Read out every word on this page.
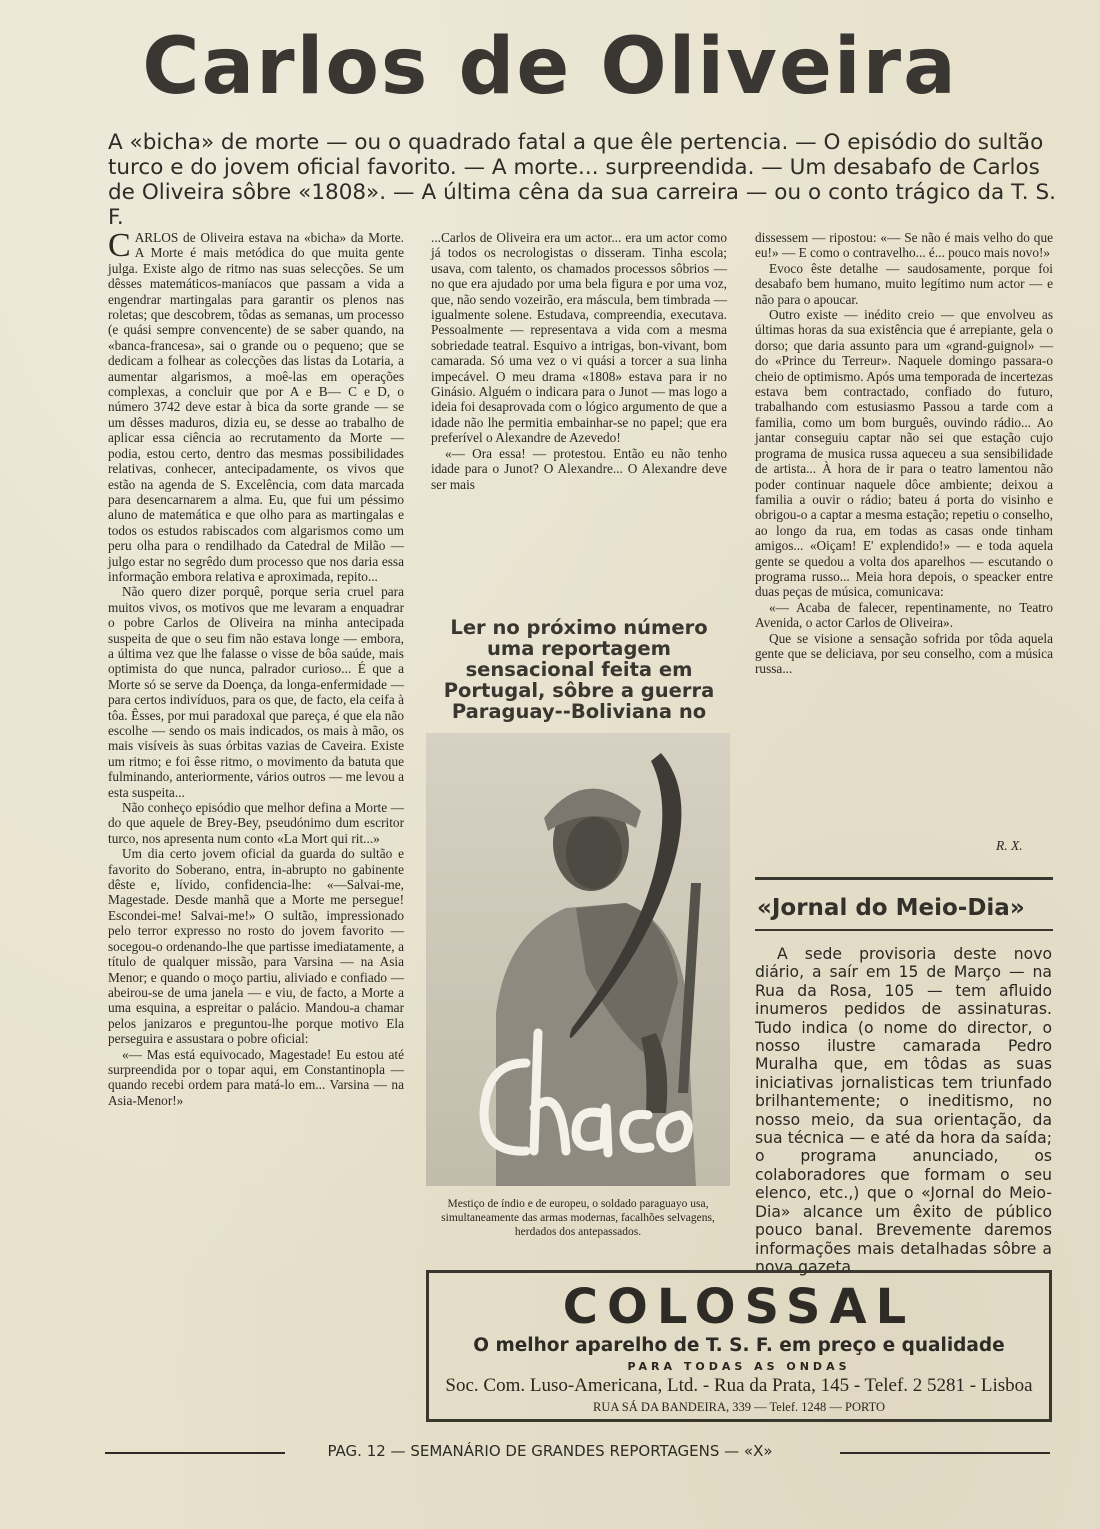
Carlos de Oliveira
A «bicha» de morte — ou o quadrado fatal a que êle pertencia. — O episódio do sultão
turco e do jovem oficial favorito. — A morte... surpreendida. — Um desabafo de Carlos
de Oliveira sôbre «1808». — A última cêna da sua carreira — ou o conto trágico da T. S. F.

CARLOS de Oliveira estava na «bicha» da Morte. A Morte é mais metódica do que muita gente julga. Existe algo de ritmo nas suas selecções. Se um dêsses matemáticos-maníacos que passam a vida a engendrar martingalas para garantir os plenos nas roletas; que descobrem, tôdas as semanas, um processo (e quási sempre convencente) de se saber quando, na «banca-francesa», sai o grande ou o pequeno; que se dedicam a folhear as colecções das listas da Lotaria, a aumentar algarismos, a moê-las em operações complexas, a concluir que por A e B— C e D, o número 3742 deve estar à bica da sorte grande — se um dêsses maduros, dizia eu, se desse ao trabalho de aplicar essa ciência ao recrutamento da Morte — podia, estou certo, dentro das mesmas possibilidades relativas, conhecer, antecipadamente, os vivos que estão na agenda de S. Excelência, com data marcada para desencarnarem a alma. Eu, que fui um péssimo aluno de matemática e que olho para as martingalas e todos os estudos rabiscados com algarismos como um peru olha para o rendilhado da Catedral de Milão — julgo estar no segrêdo dum processo que nos daria essa informação embora relativa e aproximada, repito...

Não quero dizer porquê, porque seria cruel para muitos vivos, os motivos que me levaram a enquadrar o pobre Carlos de Oliveira na minha antecipada suspeita de que o seu fim não estava longe — embora, a última vez que lhe falasse o visse de bôa saúde, mais optimista do que nunca, palrador curioso... É que a Morte só se serve da Doença, da longa-enfermidade — para certos indivíduos, para os que, de facto, ela ceifa à tôa. Êsses, por mui paradoxal que pareça, é que ela não escolhe — sendo os mais indicados, os mais à mão, os mais visíveis às suas órbitas vazias de Caveira. Existe um ritmo; e foi êsse ritmo, o movimento da batuta que fulminando, anteriormente, vários outros — me levou a esta suspeita...

Não conheço episódio que melhor defina a Morte — do que aquele de Brey-Bey, pseudónimo dum escritor turco, nos apresenta num conto «La Mort qui rit...»

Um dia certo jovem oficial da guarda do sultão e favorito do Soberano, entra, in-abrupto no gabinente dêste e, lívido, confidencia-lhe: «—Salvai-me, Magestade. Desde manhã que a Morte me persegue! Escondei-me! Salvai-me!» O sultão, impressionado pelo terror expresso no rosto do jovem favorito — socegou-o ordenando-lhe que partisse imediatamente, a título de qualquer missão, para Varsina — na Asia Menor; e quando o moço partiu, aliviado e confiado — abeirou-se de uma janela — e viu, de facto, a Morte a uma esquina, a espreitar o palácio. Mandou-a chamar pelos janizaros e preguntou-lhe porque motivo Ela perseguira e assustara o pobre oficial:

«— Mas está equivocado, Magestade! Eu estou até surpreendida por o topar aqui, em Constantinopla — quando recebi ordem para matá-lo em... Varsina — na Asia-Menor!»

...Carlos de Oliveira era um actor... era um actor como já todos os necrologistas o disseram. Tinha escola; usava, com talento, os chamados processos sôbrios — no que era ajudado por uma bela figura e por uma voz, que, não sendo vozeirão, era máscula, bem timbrada — igualmente solene. Estudava, compreendia, executava. Pessoalmente — representava a vida com a mesma sobriedade teatral. Esquivo a intrigas, bon-vivant, bom camarada. Só uma vez o vi quási a torcer a sua linha impecável. O meu drama «1808» estava para ir no Ginásio. Alguém o indicara para o Junot — mas logo a ideia foi desaprovada com o lógico argumento de que a idade não lhe permitia embainhar-se no papel; que era preferível o Alexandre de Azevedo!

«— Ora essa! — protestou. Então eu não tenho idade para o Junot? O Alexandre... O Alexandre deve ser mais

Ler no próximo número uma reportagem sensacional feita em Portugal, sôbre a guerra Paraguay--Boliviana no
Mestiço de índio e de europeu, o soldado paraguayo usa, simultaneamente das armas modernas, facalhões selvagens, herdados dos antepassados.

dissessem — ripostou: «— Se não é mais velho do que eu!» — E como o contravelho... é... pouco mais novo!»

Evoco êste detalhe — saudosamente, porque foi desabafo bem humano, muito legítimo num actor — e não para o apoucar.

Outro existe — inédito creio — que envolveu as últimas horas da sua existência que é arrepiante, gela o dorso; que daria assunto para um «grand-guignol» — do «Prince du Terreur». Naquele domingo passara-o cheio de optimismo. Após uma temporada de incertezas estava bem contractado, confiado do futuro, trabalhando com estusiasmo Passou a tarde com a familia, como um bom burguês, ouvindo rádio... Ao jantar conseguiu captar não sei que estação cujo programa de musica russa aqueceu a sua sensibilidade de artista... À hora de ir para o teatro lamentou não poder continuar naquele dôce ambiente; deixou a familia a ouvir o rádio; bateu á porta do visinho e obrigou-o a captar a mesma estação; repetiu o conselho, ao longo da rua, em todas as casas onde tinham amigos... «Oiçam! E' explendido!» — e toda aquela gente se quedou a volta dos aparelhos — escutando o programa russo... Meia hora depois, o speacker entre duas peças de música, comunicava:

«— Acaba de falecer, repentinamente, no Teatro Avenida, o actor Carlos de Oliveira».

Que se visione a sensação sofrida por tôda aquela gente que se deliciava, por seu conselho, com a música russa...

R. X.
«Jornal do Meio-Dia»

A sede provisoria deste novo diário, a saír em 15 de Março — na Rua da Rosa, 105 — tem afluido inumeros pedidos de assinaturas. Tudo indica (o nome do director, o nosso ilustre camarada Pedro Muralha que, em tôdas as suas iniciativas jornalisticas tem triunfado brilhantemente; o ineditismo, no nosso meio, da sua orientação, da sua técnica — e até da hora da saída; o programa anunciado, os colaboradores que formam o seu elenco, etc.,) que o «Jornal do Meio-Dia» alcance um êxito de público pouco banal. Brevemente daremos informações mais detalhadas sôbre a nova gazeta.

COLOSSAL
O melhor aparelho de T. S. F. em preço e qualidade
PARA TODAS AS ONDAS
Soc. Com. Luso-Americana, Ltd. - Rua da Prata, 145 - Telef. 2 5281 - Lisboa
RUA SÁ DA BANDEIRA, 339 — Telef. 1248 — PORTO
PAG. 12 — SEMANÁRIO DE GRANDES REPORTAGENS — «X»
